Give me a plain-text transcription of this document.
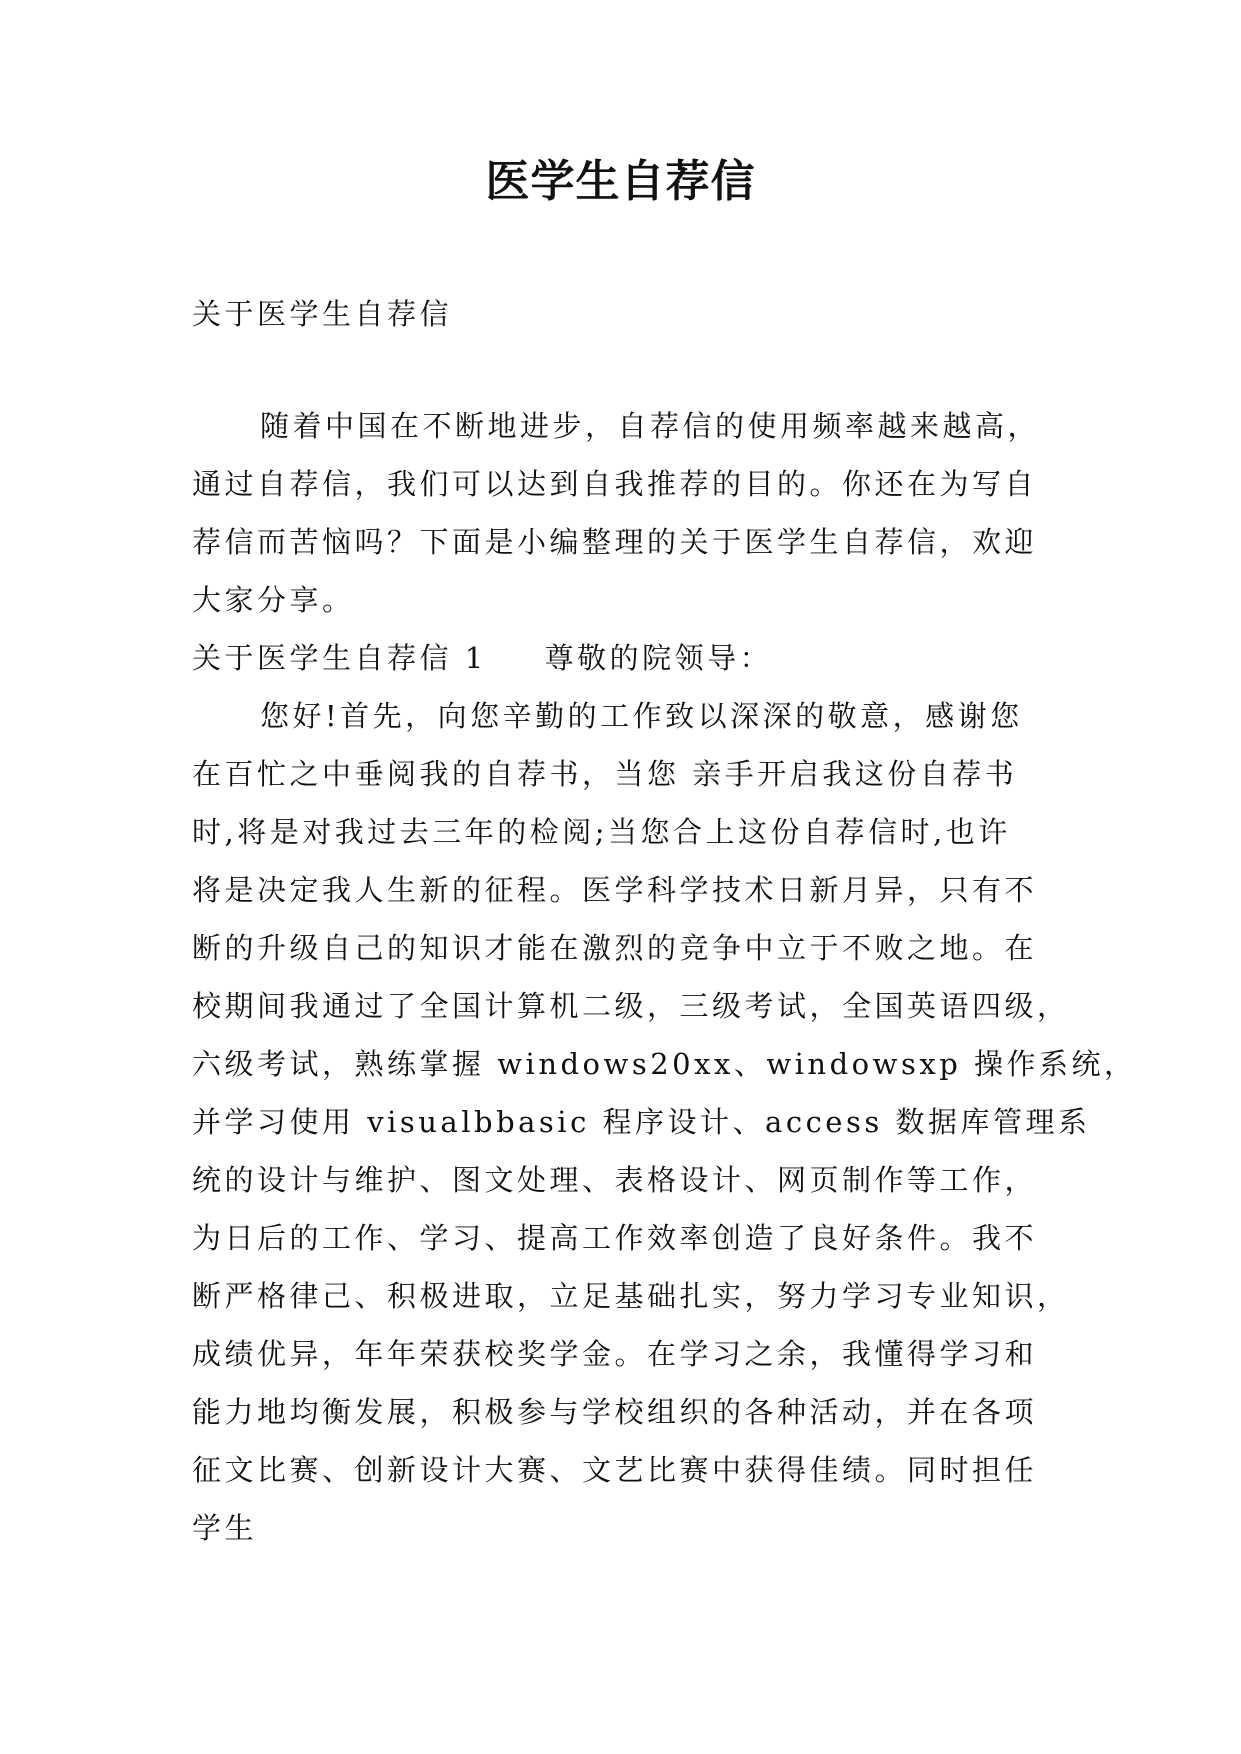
医学生自荐信
关于医学生自荐信
随着中国在不断地进步，自荐信的使用频率越来越高，
通过自荐信，我们可以达到自我推荐的目的。你还在为写自
荐信而苦恼吗？下面是小编整理的关于医学生自荐信，欢迎
大家分享。
关于医学生自荐信 1 尊敬的院领导：
您好!首先，向您辛勤的工作致以深深的敬意，感谢您
在百忙之中垂阅我的自荐书，当您 亲手开启我这份自荐书
时,将是对我过去三年的检阅;当您合上这份自荐信时,也许
将是决定我人生新的征程。医学科学技术日新月异，只有不
断的升级自己的知识才能在激烈的竞争中立于不败之地。在
校期间我通过了全国计算机二级，三级考试，全国英语四级，
六级考试，熟练掌握 windows20xx、windowsxp 操作系统，
并学习使用 visualbbasic 程序设计、access 数据库管理系
统的设计与维护、图文处理、表格设计、网页制作等工作，
为日后的工作、学习、提高工作效率创造了良好条件。我不
断严格律己、积极进取，立足基础扎实，努力学习专业知识，
成绩优异，年年荣获校奖学金。在学习之余，我懂得学习和
能力地均衡发展，积极参与学校组织的各种活动，并在各项
征文比赛、创新设计大赛、文艺比赛中获得佳绩。同时担任
学生
